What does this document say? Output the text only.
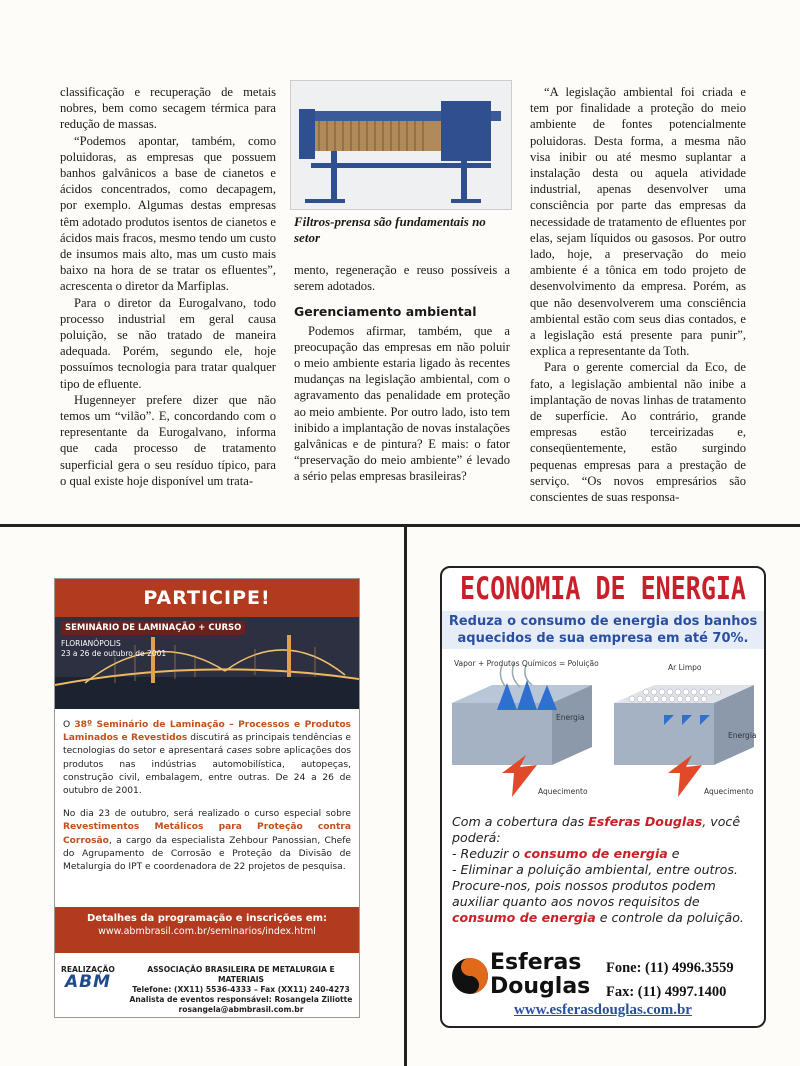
classificação e recuperação de metais nobres, bem como secagem térmica para redução de massas.

“Podemos apontar, também, como poluidoras, as empresas que possuem banhos galvânicos a base de cianetos e ácidos concentrados, como decapagem, por exemplo. Algumas destas empresas têm adotado produtos isentos de cianetos e ácidos mais fracos, mesmo tendo um custo de insumos mais alto, mas um custo mais baixo na hora de se tratar os efluentes”, acrescenta o diretor da Marfiplas.

Para o diretor da Eurogalvano, todo processo industrial em geral causa poluição, se não tratado de maneira adequada. Porém, segundo ele, hoje possuímos tecnologia para tratar qualquer tipo de efluente.

Hugenneyer prefere dizer que não temos um “vilão”. E, concordando com o representante da Eurogalvano, informa que cada processo de tratamento superficial gera o seu resíduo típico, para o qual existe hoje disponível um trata-

Filtros-prensa são fundamentais no setor

mento, regeneração e reuso possíveis a serem adotados.

Gerenciamento ambiental

Podemos afirmar, também, que a preocupação das empresas em não poluir o meio ambiente estaria ligado às recentes mudanças na legislação ambiental, com o agravamento das penalidade em proteção ao meio ambiente. Por outro lado, isto tem inibido a implantação de novas instalações galvânicas e de pintura? E mais: o fator “preservação do meio ambiente” é levado a sério pelas empresas brasileiras?

“A legislação ambiental foi criada e tem por finalidade a proteção do meio ambiente de fontes potencialmente poluidoras. Desta forma, a mesma não visa inibir ou até mesmo suplantar a instalação desta ou aquela atividade industrial, apenas desenvolver uma consciência por parte das empresas da necessidade de tratamento de efluentes por elas, sejam líquidos ou gasosos. Por outro lado, hoje, a preservação do meio ambiente é a tônica em todo projeto de desenvolvimento da empresa. Porém, as que não desenvolverem uma consciência ambiental estão com seus dias contados, e a legislação está presente para punir”, explica a representante da Toth.

Para o gerente comercial da Eco, de fato, a legislação ambiental não inibe a implantação de novas linhas de tratamento de superfície. Ao contrário, grande empresas estão terceirizadas e, conseqüentemente, estão surgindo pequenas empresas para a prestação de serviço. “Os novos empresários são conscientes de suas responsa-

PARTICIPE!
SEMINÁRIO DE LAMINAÇÃO + CURSO
FLORIANÓPOLIS
23 a 26 de outubro de 2001

O 38º Seminário de Laminação – Processos e Produtos Laminados e Revestidos discutirá as principais tendências e tecnologias do setor e apresentará cases sobre aplicações dos produtos nas indústrias automobilística, autopeças, construção civil, embalagem, entre outras. De 24 a 26 de outubro de 2001.

No dia 23 de outubro, será realizado o curso especial sobre Revestimentos Metálicos para Proteção contra Corrosão, a cargo da especialista Zehbour Panossian, Chefe do Agrupamento de Corrosão e Proteção da Divisão de Metalurgia do IPT e coordenadora de 22 projetos de pesquisa.

Detalhes da programação e inscrições em:
www.abmbrasil.com.br/seminarios/index.html
REALIZAÇÃO
ABM
ASSOCIAÇÃO BRASILEIRA DE METALURGIA E MATERIAIS
Telefone: (XX11) 5536-4333 – Fax (XX11) 240-4273
Analista de eventos responsável: Rosangela Ziliotte
rosangela@abmbrasil.com.br
ECONOMIA DE ENERGIA
Reduza o consumo de energia dos banhos aquecidos de sua empresa em até 70%.
Vapor + Produtos Químicos = Poluição	Ar Limpo
Energia
Energia
Aquecimento	Aquecimento
Com a cobertura das Esferas Douglas, você poderá:
- Reduzir o consumo de energia e
- Eliminar a poluição ambiental, entre outros.
Procure-nos, pois nossos produtos podem auxiliar quanto aos novos requisitos de consumo de energia e controle da poluição.
Esferas
Douglas
Fone: (11) 4996.3559
Fax: (11) 4997.1400
www.esferasdouglas.com.br
